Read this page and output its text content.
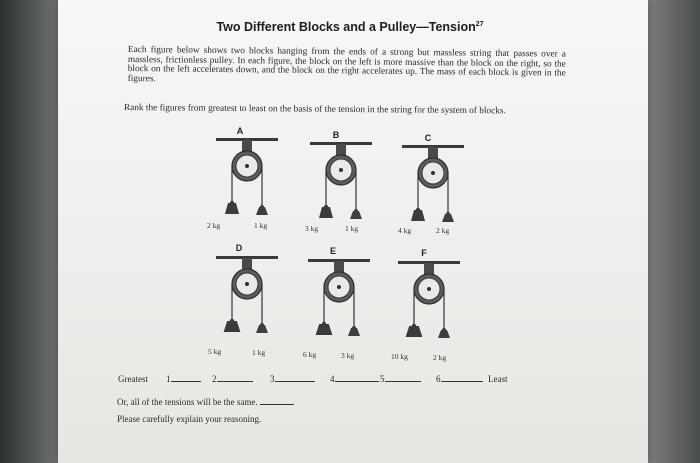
Two Different Blocks and a Pulley—Tension$^{27}$
Each figure below shows two blocks hanging from the ends of a strong but massless string that passes over a massless, frictionless pulley. In each figure, the block on the left is more massive than the block on the right, so the block on the left accelerates down, and the block on the right accelerates up. The mass of each block is given in the figures.
Rank the figures from greatest to least on the basis of the tension in the string for the system of blocks.
A	B	C
D	E	F
2 kg	1 kg	3 kg	1 kg	4 kg	2 kg
5 kg	1 kg	6 kg	3 kg	10 kg	2 kg
Greatest 1	2	3	4	5	6	Least
Or, all of the tensions will be the same.
Please carefully explain your reasoning.
